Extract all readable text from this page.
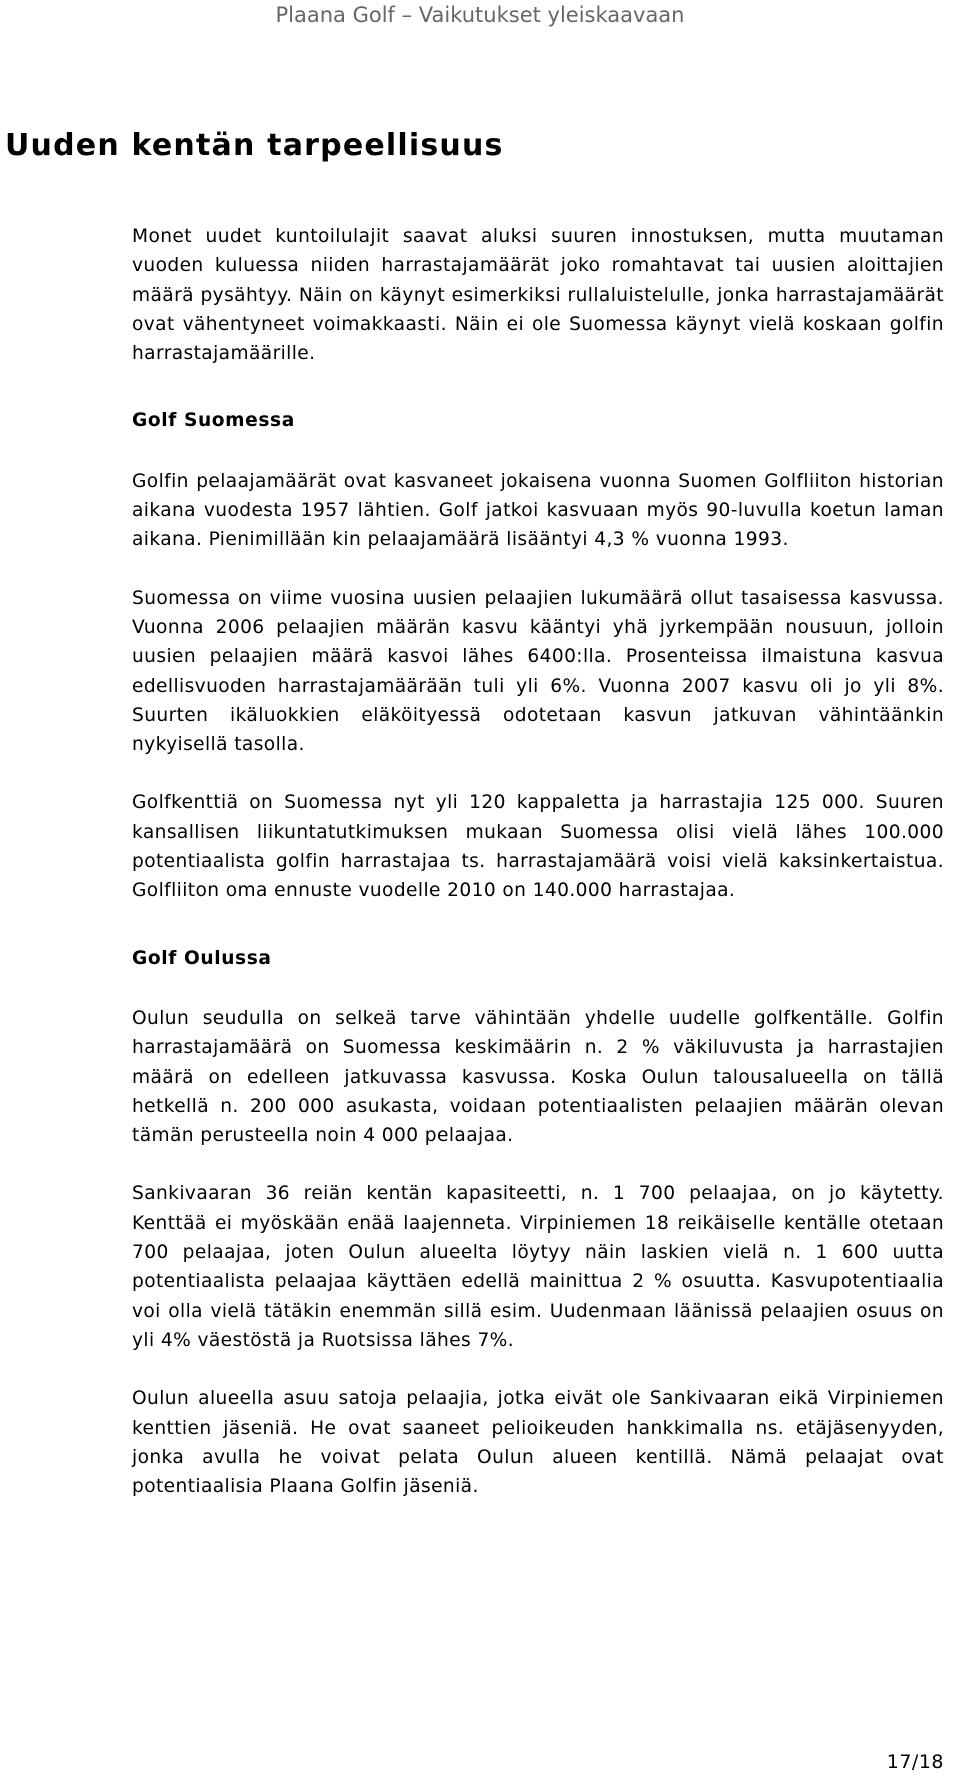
Plaana Golf – Vaikutukset yleiskaavaan
Uuden kentän tarpeellisuus

Monet uudet kuntoilulajit saavat aluksi suuren innostuksen, mutta muutaman vuoden kuluessa niiden harrastajamäärät joko romahtavat tai uusien aloittajien määrä pysähtyy. Näin on käynyt esimerkiksi rullaluistelulle, jonka harrastajamäärät ovat vähentyneet voimakkaasti. Näin ei ole Suomessa käynyt vielä koskaan golfin harrastajamäärille.

Golf Suomessa

Golfin pelaajamäärät ovat kasvaneet jokaisena vuonna Suomen Golfliiton historian aikana vuodesta 1957 lähtien. Golf jatkoi kasvuaan myös 90-luvulla koetun laman aikana. Pienimillään kin pelaajamäärä lisääntyi 4,3 % vuonna 1993.

Suomessa on viime vuosina uusien pelaajien lukumäärä ollut tasaisessa kasvussa. Vuonna 2006 pelaajien määrän kasvu kääntyi yhä jyrkempään nousuun, jolloin uusien pelaajien määrä kasvoi lähes 6400:lla. Prosenteissa ilmaistuna kasvua edellisvuoden harrastajamäärään tuli yli 6%. Vuonna 2007 kasvu oli jo yli 8%. Suurten ikäluokkien eläköityessä odotetaan kasvun jatkuvan vähintäänkin nykyisellä tasolla.

Golfkenttiä on Suomessa nyt yli 120 kappaletta ja harrastajia 125 000. Suuren kansallisen liikuntatutkimuksen mukaan Suomessa olisi vielä lähes 100.000 potentiaalista golfin harrastajaa ts. harrastajamäärä voisi vielä kaksinkertaistua. Golfliiton oma ennuste vuodelle 2010 on 140.000 harrastajaa.

Golf Oulussa

Oulun seudulla on selkeä tarve vähintään yhdelle uudelle golfkentälle. Golfin harrastajamäärä on Suomessa keskimäärin n. 2 % väkiluvusta ja harrastajien määrä on edelleen jatkuvassa kasvussa. Koska Oulun talousalueella on tällä hetkellä n. 200 000 asukasta, voidaan potentiaalisten pelaajien määrän olevan tämän perusteella noin 4 000 pelaajaa.

Sankivaaran 36 reiän kentän kapasiteetti, n. 1 700 pelaajaa, on jo käytetty. Kenttää ei myöskään enää laajenneta. Virpiniemen 18 reikäiselle kentälle otetaan 700 pelaajaa, joten Oulun alueelta löytyy näin laskien vielä n. 1 600 uutta potentiaalista pelaajaa käyttäen edellä mainittua 2 % osuutta. Kasvupotentiaalia voi olla vielä tätäkin enemmän sillä esim. Uudenmaan läänissä pelaajien osuus on yli 4% väestöstä ja Ruotsissa lähes 7%.

Oulun alueella asuu satoja pelaajia, jotka eivät ole Sankivaaran eikä Virpiniemen kenttien jäseniä. He ovat saaneet pelioikeuden hankkimalla ns. etäjäsenyyden, jonka avulla he voivat pelata Oulun alueen kentillä. Nämä pelaajat ovat potentiaalisia Plaana Golfin jäseniä.

17/18
